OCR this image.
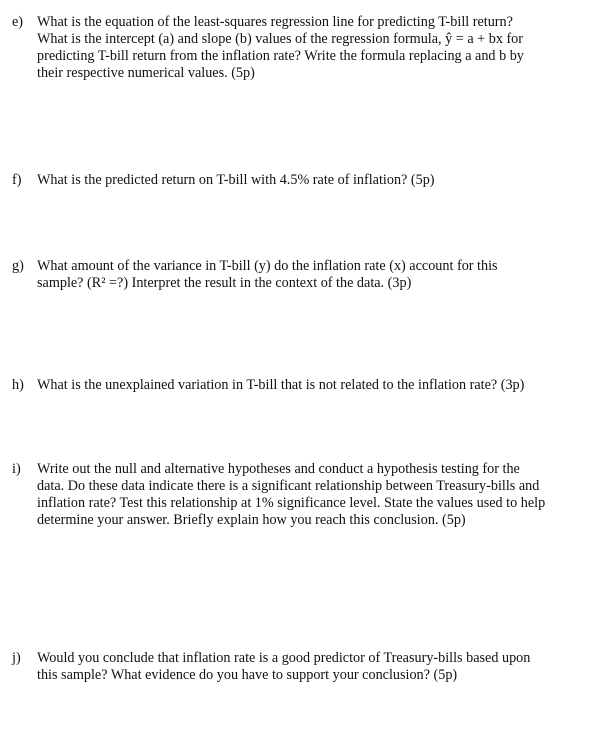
e) What is the equation of the least-squares regression line for predicting T-bill return?
What is the intercept (a) and slope (b) values of the regression formula, ŷ = a + bx for
predicting T-bill return from the inflation rate? Write the formula replacing a and b by
their respective numerical values. (5p)
f)	What is the predicted return on T-bill with 4.5% rate of inflation? (5p)
g) What amount of the variance in T-bill (y) do the inflation rate (x) account for this
sample? (R² =?) Interpret the result in the context of the data. (3p)
h) What is the unexplained variation in T-bill that is not related to the inflation rate? (3p)
i)	Write out the null and alternative hypotheses and conduct a hypothesis testing for the
data. Do these data indicate there is a significant relationship between Treasury-bills and
inflation rate? Test this relationship at 1% significance level. State the values used to help
determine your answer. Briefly explain how you reach this conclusion. (5p)
j)	Would you conclude that inflation rate is a good predictor of Treasury-bills based upon
this sample? What evidence do you have to support your conclusion? (5p)
